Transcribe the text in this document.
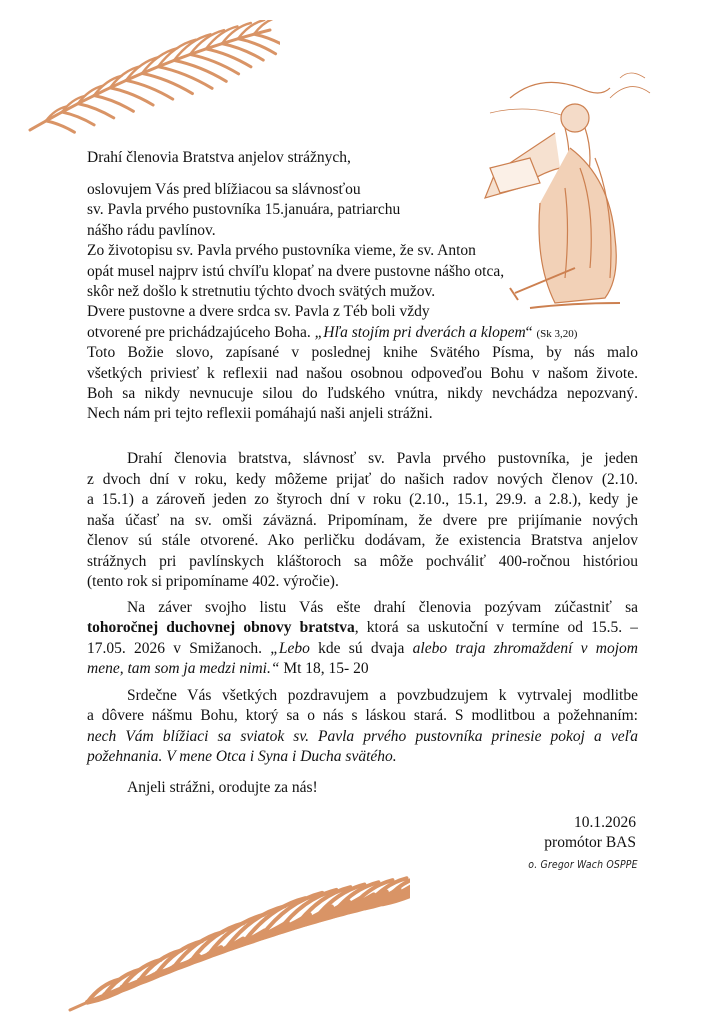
Drahí členovia Bratstva anjelov strážnych,
oslovujem Vás pred blížiacou sa slávnosťou
sv. Pavla prvého pustovníka 15.januára, patriarchu
nášho rádu pavlínov.
Zo životopisu sv. Pavla prvého pustovníka vieme, že sv. Anton
opát musel najprv istú chvíľu klopať na dvere pustovne nášho otca,
skôr než došlo k stretnutiu týchto dvoch svätých mužov.
Dvere pustovne a dvere srdca sv. Pavla z Téb boli vždy
otvorené pre prichádzajúceho Boha. „Hľa stojím pri dverách a klopem“ (Sk 3,20)
Toto Božie slovo, zapísané v poslednej knihe Svätého Písma, by nás malo
všetkých priviesť k reflexii nad našou osobnou odpoveďou Bohu v našom živote.
Boh sa nikdy nevnucuje silou do ľudského vnútra, nikdy nevchádza nepozvaný.
Nech nám pri tejto reflexii pomáhajú naši anjeli strážni.
Drahí členovia bratstva, slávnosť sv. Pavla prvého pustovníka, je jeden
z dvoch dní v roku, kedy môžeme prijať do našich radov nových členov (2.10.
a 15.1) a zároveň jeden zo štyroch dní v roku (2.10., 15.1, 29.9. a 2.8.), kedy je
naša účasť na sv. omši záväzná. Pripomínam, že dvere pre prijímanie nových
členov sú stále otvorené. Ako perličku dodávam, že existencia Bratstva anjelov
strážnych pri pavlínskych kláštoroch sa môže pochváliť 400-ročnou históriou
(tento rok si pripomíname 402. výročie).
Na záver svojho listu Vás ešte drahí členovia pozývam zúčastniť sa
tohoročnej duchovnej obnovy bratstva, ktorá sa uskutoční v termíne od 15.5. –
17.05. 2026 v Smižanoch. „Lebo kde sú dvaja alebo traja zhromaždení v mojom
mene, tam som ja medzi nimi.“ Mt 18, 15- 20
Srdečne Vás všetkých pozdravujem a povzbudzujem k vytrvalej modlitbe
a dôvere nášmu Bohu, ktorý sa o nás s láskou stará. S modlitbou a požehnaním:
nech Vám blížiaci sa sviatok sv. Pavla prvého pustovníka prinesie pokoj a veľa
požehnania. V mene Otca i Syna i Ducha svätého.
Anjeli strážni, orodujte za nás!
10.1.2026
promótor BAS
o. Gregor Wach OSPPE
